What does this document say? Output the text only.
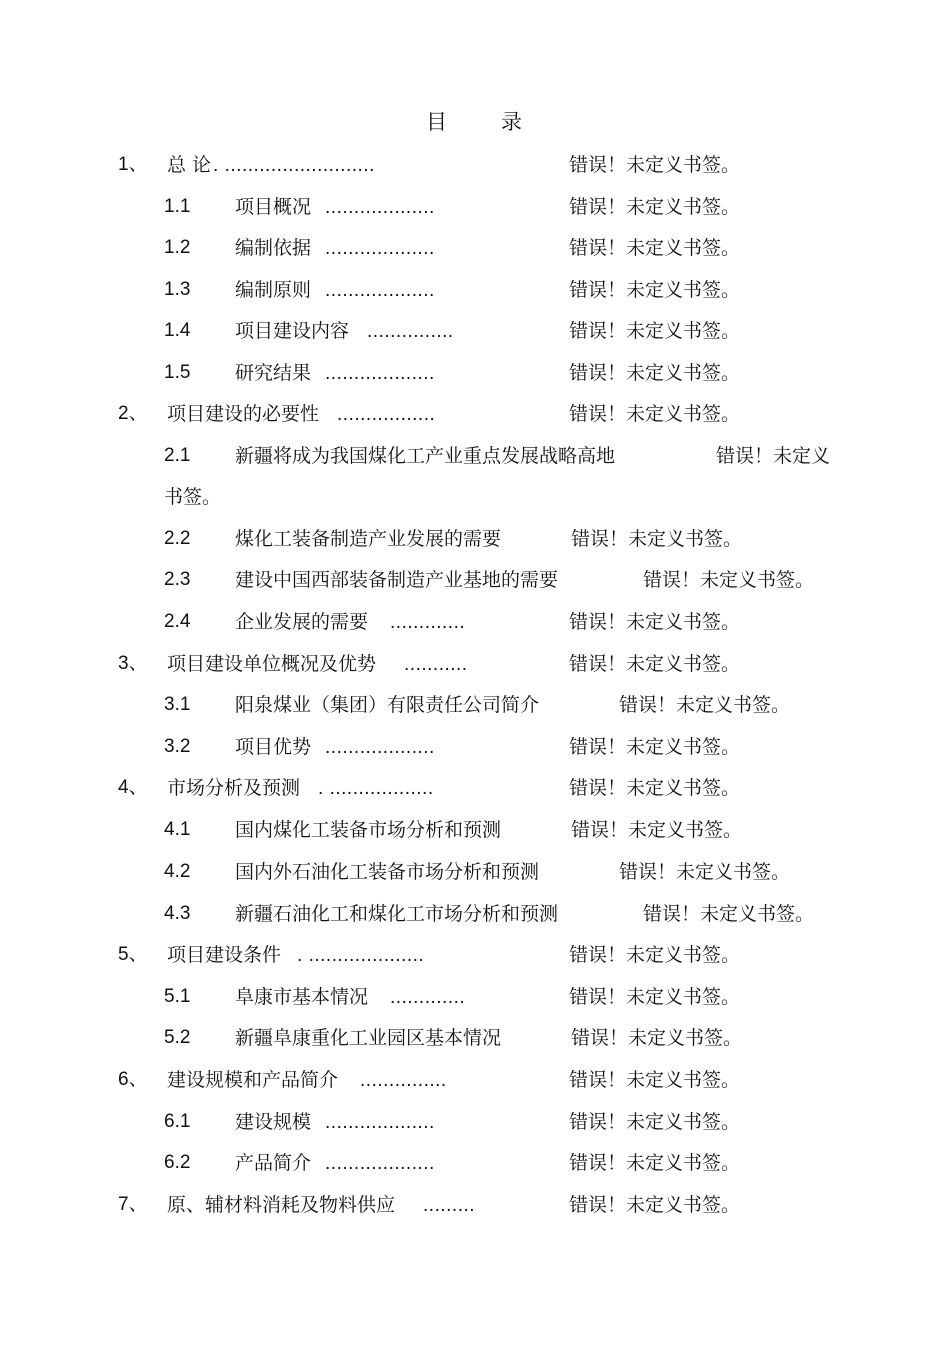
目 录
1、 总 论 . ..........................	错误！未定义书签。
1.1 项目概况 ...................	错误！未定义书签。
1.2 编制依据 ...................	错误！未定义书签。
1.3 编制原则 ...................	错误！未定义书签。
1.4 项目建设内容 ...............	错误！未定义书签。
1.5 研究结果 ...................	错误！未定义书签。
2、 项目建设的必要性 .................	错误！未定义书签。
2.1 新疆将成为我国煤化工产业重点发展战略高地	错误！未定义
书签。
2.2 煤化工装备制造产业发展的需要	错误！未定义书签。
2.3 建设中国西部装备制造产业基地的需要	错误！未定义书签。
2.4 企业发展的需要 .............	错误！未定义书签。
3、 项目建设单位概况及优势 ...........	错误！未定义书签。
3.1 阳泉煤业（集团）有限责任公司简介	错误！未定义书签。
3.2 项目优势 ...................	错误！未定义书签。
4、 市场分析及预测 . ..................	错误！未定义书签。
4.1 国内煤化工装备市场分析和预测	错误！未定义书签。
4.2 国内外石油化工装备市场分析和预测	错误！未定义书签。
4.3 新疆石油化工和煤化工市场分析和预测	错误！未定义书签。
5、 项目建设条件 . ....................	错误！未定义书签。
5.1 阜康市基本情况 .............	错误！未定义书签。
5.2 新疆阜康重化工业园区基本情况	错误！未定义书签。
6、 建设规模和产品简介 ...............	错误！未定义书签。
6.1 建设规模 ...................	错误！未定义书签。
6.2 产品简介 ...................	错误！未定义书签。
7、 原、辅材料消耗及物料供应 .........	错误！未定义书签。
